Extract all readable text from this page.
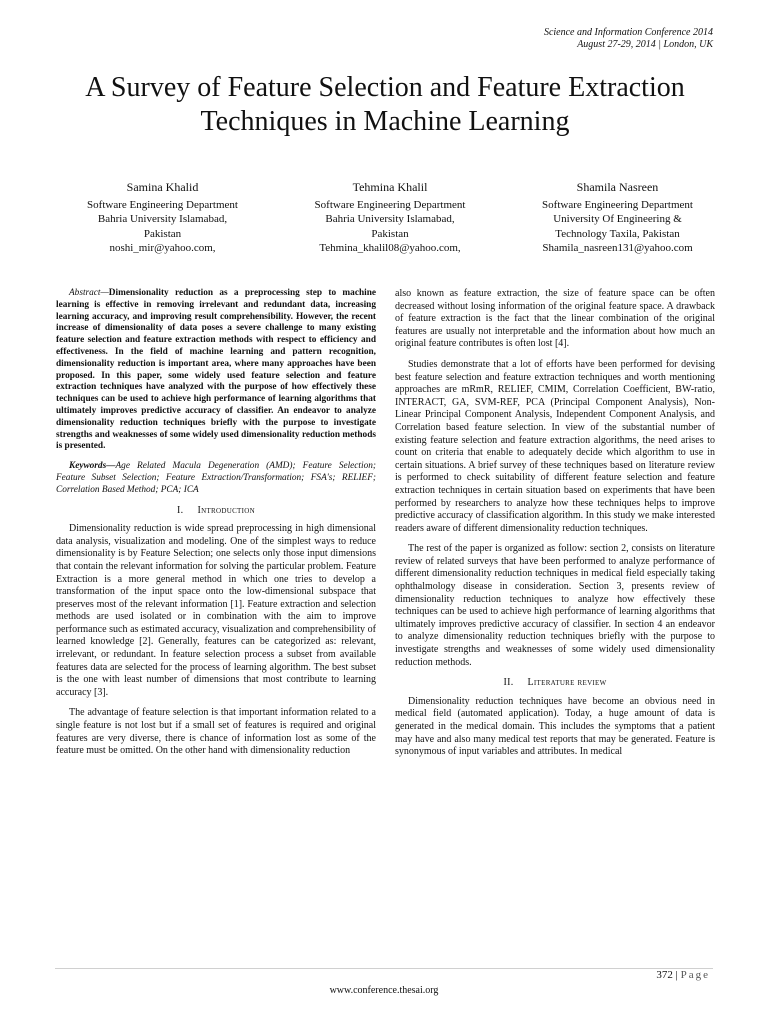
Science and Information Conference 2014
August 27-29, 2014 | London, UK
A Survey of Feature Selection and Feature Extraction
Techniques in Machine Learning
Samina Khalid
Software Engineering Department
Bahria University Islamabad,
Pakistan
noshi_mir@yahoo.com,
Tehmina Khalil
Software Engineering Department
Bahria University Islamabad,
Pakistan
Tehmina_khalil08@yahoo.com,
Shamila Nasreen
Software Engineering Department
University Of Engineering &
Technology Taxila, Pakistan
Shamila_nasreen131@yahoo.com

Abstract—Dimensionality reduction as a preprocessing step to machine learning is effective in removing irrelevant and redundant data, increasing learning accuracy, and improving result comprehensibility. However, the recent increase of dimensionality of data poses a severe challenge to many existing feature selection and feature extraction methods with respect to efficiency and effectiveness. In the field of machine learning and pattern recognition, dimensionality reduction is important area, where many approaches have been proposed. In this paper, some widely used feature selection and feature extraction techniques have analyzed with the purpose of how effectively these techniques can be used to achieve high performance of learning algorithms that ultimately improves predictive accuracy of classifier. An endeavor to analyze dimensionality reduction techniques briefly with the purpose to investigate strengths and weaknesses of some widely used dimensionality reduction methods is presented.

Keywords—Age Related Macula Degeneration (AMD); Feature Selection; Feature Subset Selection; Feature Extraction/Transformation; FSA's; RELIEF; Correlation Based Method; PCA; ICA

I. Introduction

Dimensionality reduction is wide spread preprocessing in high dimensional data analysis, visualization and modeling. One of the simplest ways to reduce dimensionality is by Feature Selection; one selects only those input dimensions that contain the relevant information for solving the particular problem. Feature Extraction is a more general method in which one tries to develop a transformation of the input space onto the low-dimensional subspace that preserves most of the relevant information [1]. Feature extraction and selection methods are used isolated or in combination with the aim to improve performance such as estimated accuracy, visualization and comprehensibility of learned knowledge [2]. Generally, features can be categorized as: relevant, irrelevant, or redundant. In feature selection process a subset from available features data are selected for the process of learning algorithm. The best subset is the one with least number of dimensions that most contribute to learning accuracy [3].

The advantage of feature selection is that important information related to a single feature is not lost but if a small set of features is required and original features are very diverse, there is chance of information lost as some of the feature must be omitted. On the other hand with dimensionality reduction

also known as feature extraction, the size of feature space can be often decreased without losing information of the original feature space. A drawback of feature extraction is the fact that the linear combination of the original features are usually not interpretable and the information about how much an original feature contributes is often lost [4].

Studies demonstrate that a lot of efforts have been performed for devising best feature selection and feature extraction techniques and worth mentioning approaches are mRmR, RELIEF, CMIM, Correlation Coefficient, BW-ratio, INTERACT, GA, SVM-REF, PCA (Principal Component Analysis), Non-Linear Principal Component Analysis, Independent Component Analysis, and Correlation based feature selection. In view of the substantial number of existing feature selection and feature extraction algorithms, the need arises to count on criteria that enable to adequately decide which algorithm to use in certain situations. A brief survey of these techniques based on literature review is performed to check suitability of different feature selection and feature extraction techniques in certain situation based on experiments that have been performed by researchers to analyze how these techniques helps to improve predictive accuracy of classification algorithm. In this study we make interested readers aware of different dimensionality reduction techniques.

The rest of the paper is organized as follow: section 2, consists on literature review of related surveys that have been performed to analyze performance of different dimensionality reduction techniques in medical field especially taking ophthalmology disease in consideration. Section 3, presents review of dimensionality reduction techniques to analyze how effectively these techniques can be used to achieve high performance of learning algorithms that ultimately improves predictive accuracy of classifier. In section 4 an endeavor to analyze dimensionality reduction techniques briefly with the purpose to investigate strengths and weaknesses of some widely used dimensionality reduction methods.

II. Literature review

Dimensionality reduction techniques have become an obvious need in medical field (automated application). Today, a huge amount of data is generated in the medical domain. This includes the symptoms that a patient may have and also many medical test reports that may be generated. Feature is synonymous of input variables and attributes. In medical

372 | Page
www.conference.thesai.org
